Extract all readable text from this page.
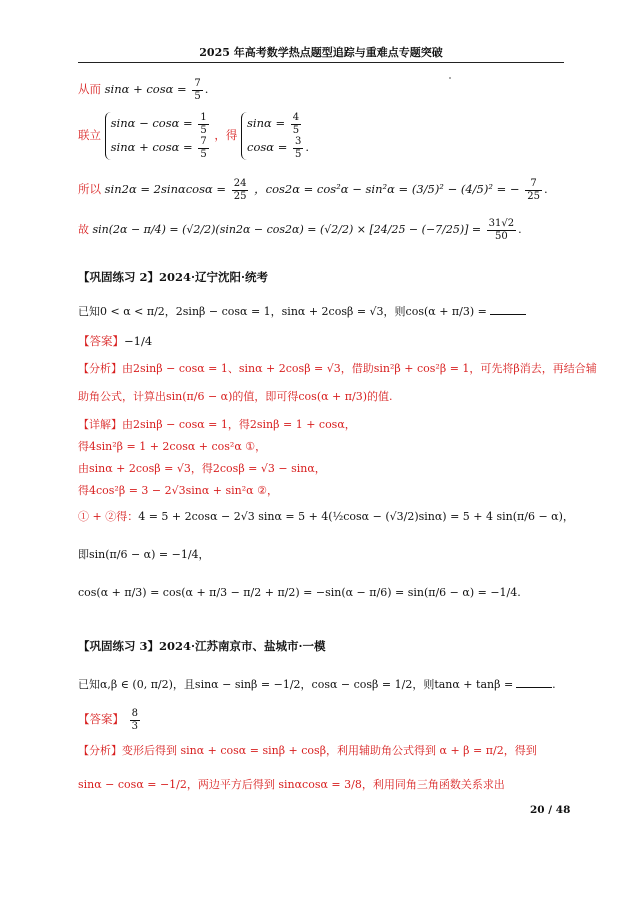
2025 年高考数学热点题型追踪与重难点专题突破
从而 $\sin\alpha + \cos\alpha = \frac{7}{5}$ .
联立
$\sin\alpha - \cos\alpha = \frac{1}{5}$
$\sin\alpha + \cos\alpha = \frac{7}{5}$
，得
$\sin\alpha = \frac{4}{5}$
$\cos\alpha = \frac{3}{5}$ .
所以 $\sin 2\alpha = 2\sin\alpha\cos\alpha = \frac{24}{25}$ ，cos2α = cos²α − sin²α = (3/5)² − (4/5)² = − $\frac{7}{25}$ .
故 $\sin(2\alpha - \pi/4) = (√2/2)(\sin 2\alpha - \cos 2\alpha) = (√2/2) \times [24/25 - (-7/25)] = \frac{31√2}{50}$ .
【巩固练习 2】2024·辽宁沈阳·统考
已知0 < α < π/2，2sinβ − cosα = 1，sinα + 2cosβ = √3，则cos(α + π/3) =
【答案】−1/4
【分析】由2sinβ − cosα = 1、sinα + 2cosβ = √3，借助sin²β + cos²β = 1，可先将β消去，再结合辅
助角公式，计算出sin(π/6 − α)的值，即可得cos(α + π/3)的值.
【详解】由2sinβ − cosα = 1，得2sinβ = 1 + cosα，
得4sin²β = 1 + 2cosα + cos²α ①，
由sinα + 2cosβ = √3，得2cosβ = √3 − sinα，
得4cos²β = 3 − 2√3sinα + sin²α ②，
① + ②得：4 = 5 + 2cosα − 2√3 sinα = 5 + 4(½cosα − (√3/2)sinα) = 5 + 4 sin(π/6 − α)，
即sin(π/6 − α) = −1/4，
cos(α + π/3) = cos(α + π/3 − π/2 + π/2) = −sin(α − π/6) = sin(π/6 − α) = −1/4.
【巩固练习 3】2024·江苏南京市、盐城市·一模
已知α,β ∈ (0, π/2)，且sinα − sinβ = −1/2，cosα − cosβ = 1/2，则tanα + tanβ =	.
【答案】 $\frac{8}{3}$
【分析】变形后得到 sinα + cosα = sinβ + cosβ，利用辅助角公式得到 α + β = π/2，得到
sinα − cosα = −1/2，两边平方后得到 sinαcosα = 3/8，利用同角三角函数关系求出
20 / 48
